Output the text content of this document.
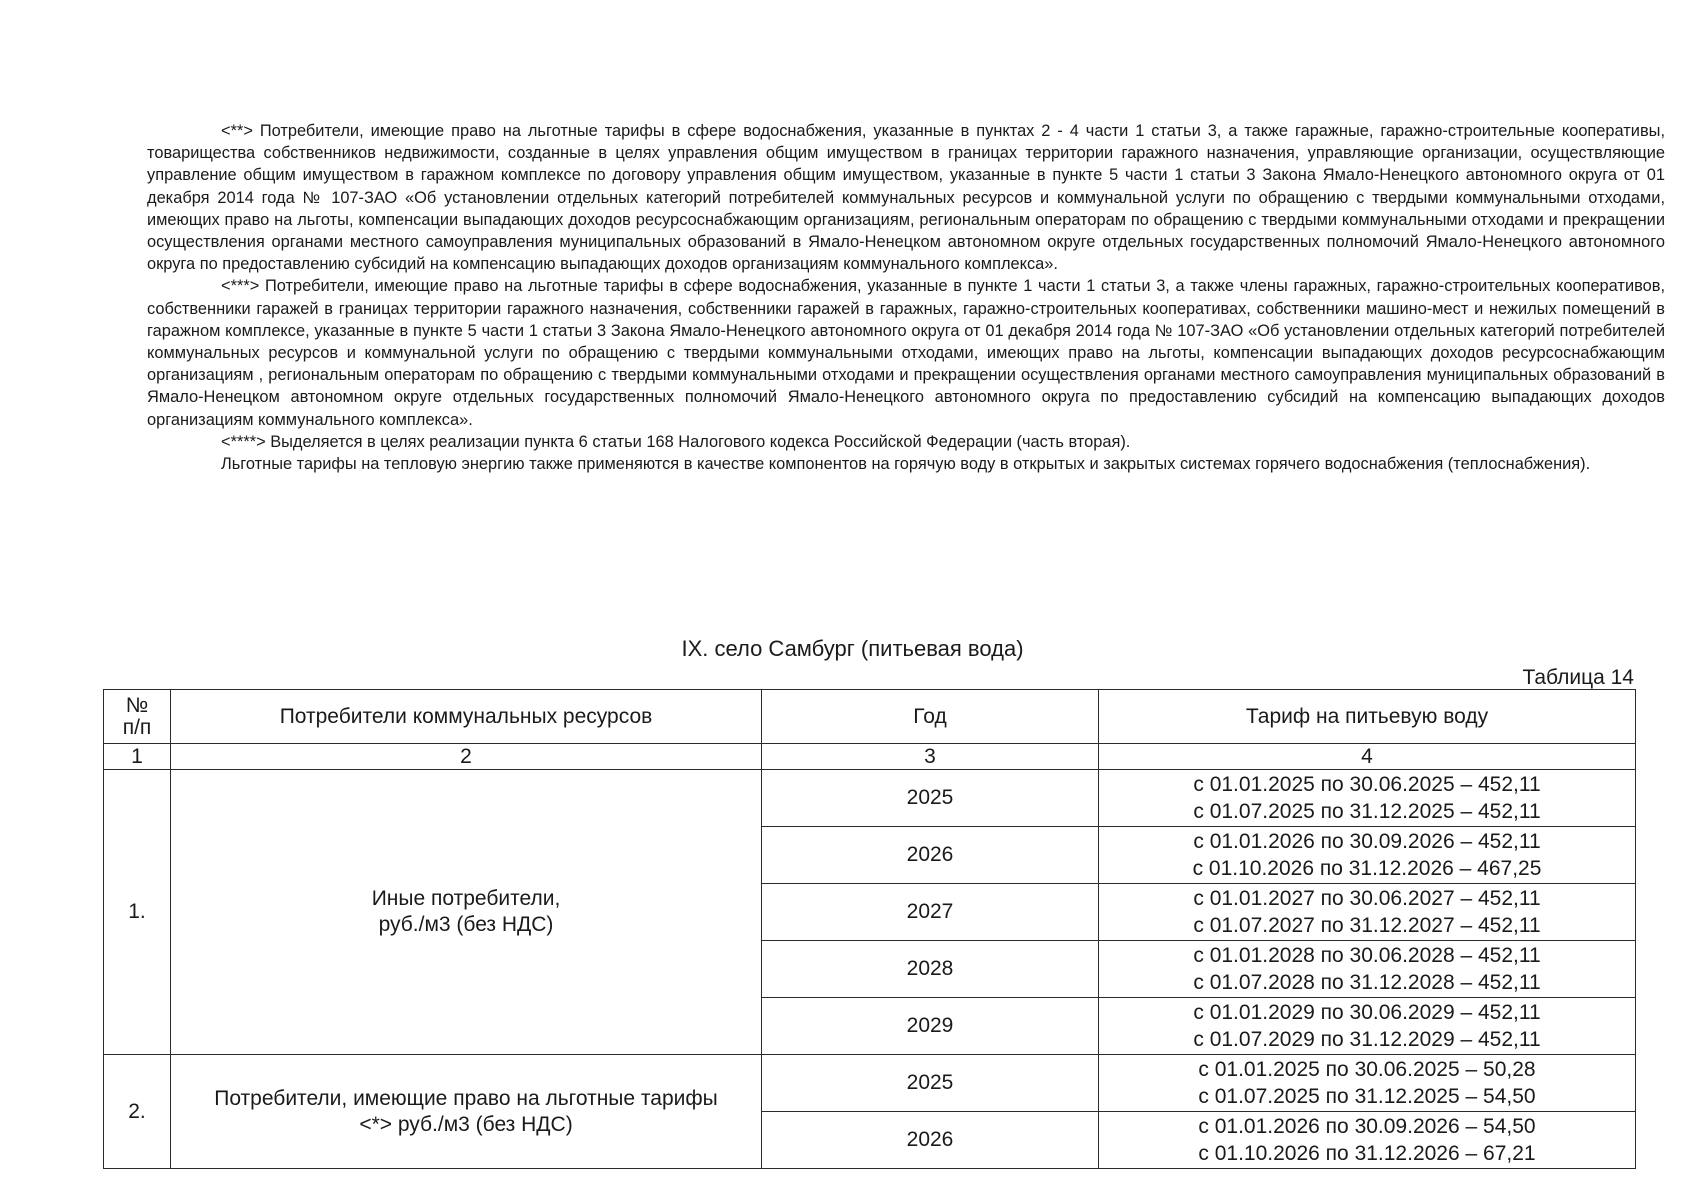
<**> Потребители, имеющие право на льготные тарифы в сфере водоснабжения, указанные в пунктах 2 - 4 части 1 статьи 3, а также гаражные, гаражно-строительные кооперативы, товарищества собственников недвижимости, созданные в целях управления общим имуществом в границах территории гаражного назначения, управляющие организации, осуществляющие управление общим имуществом в гаражном комплексе по договору управления общим имуществом, указанные в пункте 5 части 1 статьи 3 Закона Ямало-Ненецкого автономного округа от 01 декабря 2014 года № 107-ЗАО «Об установлении отдельных категорий потребителей коммунальных ресурсов и коммунальной услуги по обращению с твердыми коммунальными отходами, имеющих право на льготы, компенсации выпадающих доходов ресурсоснабжающим организациям, региональным операторам по обращению с твердыми коммунальными отходами и прекращении осуществления органами местного самоуправления муниципальных образований в Ямало-Ненецком автономном округе отдельных государственных полномочий Ямало-Ненецкого автономного округа по предоставлению субсидий на компенсацию выпадающих доходов организациям коммунального комплекса».

<***> Потребители, имеющие право на льготные тарифы в сфере водоснабжения, указанные в пункте 1 части 1 статьи 3, а также члены гаражных, гаражно-строительных кооперативов, собственники гаражей в границах территории гаражного назначения, собственники гаражей в гаражных, гаражно-строительных кооперативах, собственники машино-мест и нежилых помещений в гаражном комплексе, указанные в пункте 5 части 1 статьи 3 Закона Ямало-Ненецкого автономного округа от 01 декабря 2014 года № 107-ЗАО «Об установлении отдельных категорий потребителей коммунальных ресурсов и коммунальной услуги по обращению с твердыми коммунальными отходами, имеющих право на льготы, компенсации выпадающих доходов ресурсоснабжающим организациям , региональным операторам по обращению с твердыми коммунальными отходами и прекращении осуществления органами местного самоуправления муниципальных образований в Ямало-Ненецком автономном округе отдельных государственных полномочий Ямало-Ненецкого автономного округа по предоставлению субсидий на компенсацию выпадающих доходов организациям коммунального комплекса».

<****> Выделяется в целях реализации пункта 6 статьи 168 Налогового кодекса Российской Федерации (часть вторая).

Льготные тарифы на тепловую энергию также применяются в качестве компонентов на горячую воду в открытых и закрытых системах горячего водоснабжения (теплоснабжения).

IX. село Самбург (питьевая вода)
Таблица 14
№
п/п	Потребители коммунальных ресурсов	Год	Тариф на питьевую воду
1	2	3	4
1.	Иные потребители,
руб./м3 (без НДС)	2025	с 01.01.2025 по 30.06.2025 – 452,11
с 01.07.2025 по 31.12.2025 – 452,11

		2026	с 01.01.2026 по 30.09.2026 – 452,11
с 01.10.2026 по 31.12.2026 – 467,25

		2027	с 01.01.2027 по 30.06.2027 – 452,11
с 01.07.2027 по 31.12.2027 – 452,11

		2028	с 01.01.2028 по 30.06.2028 – 452,11
с 01.07.2028 по 31.12.2028 – 452,11

		2029	с 01.01.2029 по 30.06.2029 – 452,11
с 01.07.2029 по 31.12.2029 – 452,11

2.	Потребители, имеющие право на льготные тарифы
<*> руб./м3 (без НДС)	2025	с 01.01.2025 по 30.06.2025 – 50,28
с 01.07.2025 по 31.12.2025 – 54,50

		2026	с 01.01.2026 по 30.09.2026 – 54,50
с 01.10.2026 по 31.12.2026 – 67,21
